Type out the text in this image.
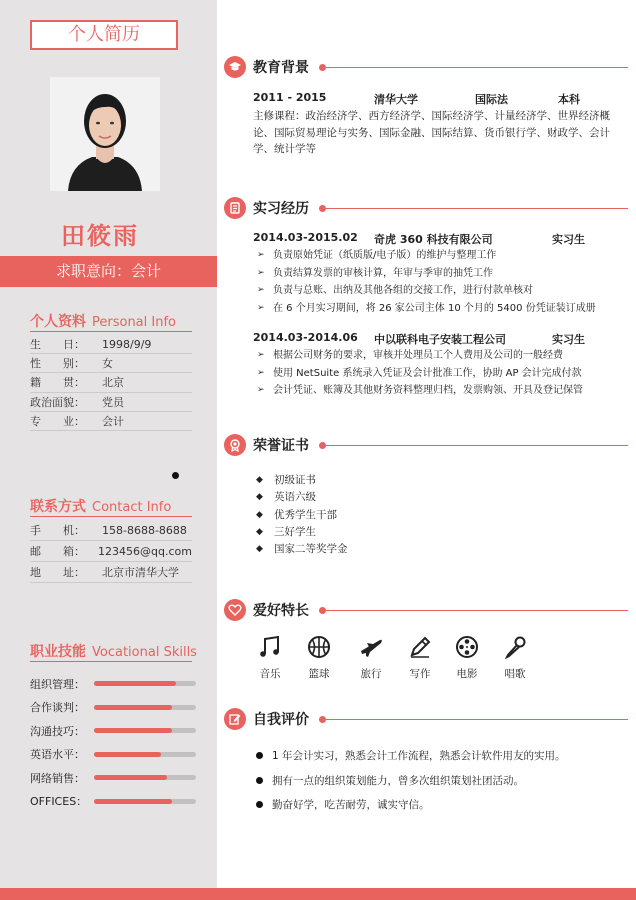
个人简历
田筱雨
求职意向：会计
个人资料 Personal Info
生　　日：	1998/9/9
性　　别：	女
籍　　贯：	北京
政治面貌：	党员
专　　业：	会计
联系方式 Contact Info
手　　机：	158-8688-8688
邮　　箱：	123456@qq.com
地　　址：	北京市清华大学
职业技能 Vocational Skills
组织管理：
合作谈判：
沟通技巧：
英语水平：
网络销售：
OFFICES：
教育背景
2011 - 2015	清华大学	国际法	本科
主修课程：政治经济学、西方经济学、国际经济学、计量经济学、世界经济概论、国际贸易理论与实务、国际金融、国际结算、货币银行学、财政学、会计学、统计学等
实习经历
2014.03-2015.02 奇虎 360 科技有限公司	实习生
➢ 负责原始凭证（纸质版/电子版）的维护与整理工作
➢ 负责结算发票的审核计算，年审与季审的抽凭工作
➢ 负责与总账、出纳及其他各组的交接工作，进行付款单核对
➢ 在 6 个月实习期间，将 26 家公司主体 10 个月的 5400 份凭证装订成册
2014.03-2014.06 中以联科电子安装工程公司	实习生
➢ 根据公司财务的要求，审核并处理员工个人费用及公司的一般经费
➢ 使用 NetSuite 系统录入凭证及会计批准工作，协助 AP 会计完成付款
➢ 会计凭证、账簿及其他财务资料整理归档，发票购领、开具及登记保管
荣誉证书
◆	初级证书
◆	英语六级
◆	优秀学生干部
◆	三好学生
◆	国家二等奖学金
爱好特长
音乐	篮球	旅行	写作	电影	唱歌
自我评价
1 年会计实习，熟悉会计工作流程，熟悉会计软件用友的实用。
拥有一点的组织策划能力，曾多次组织策划社团活动。
勤奋好学，吃苦耐劳，诚实守信。
